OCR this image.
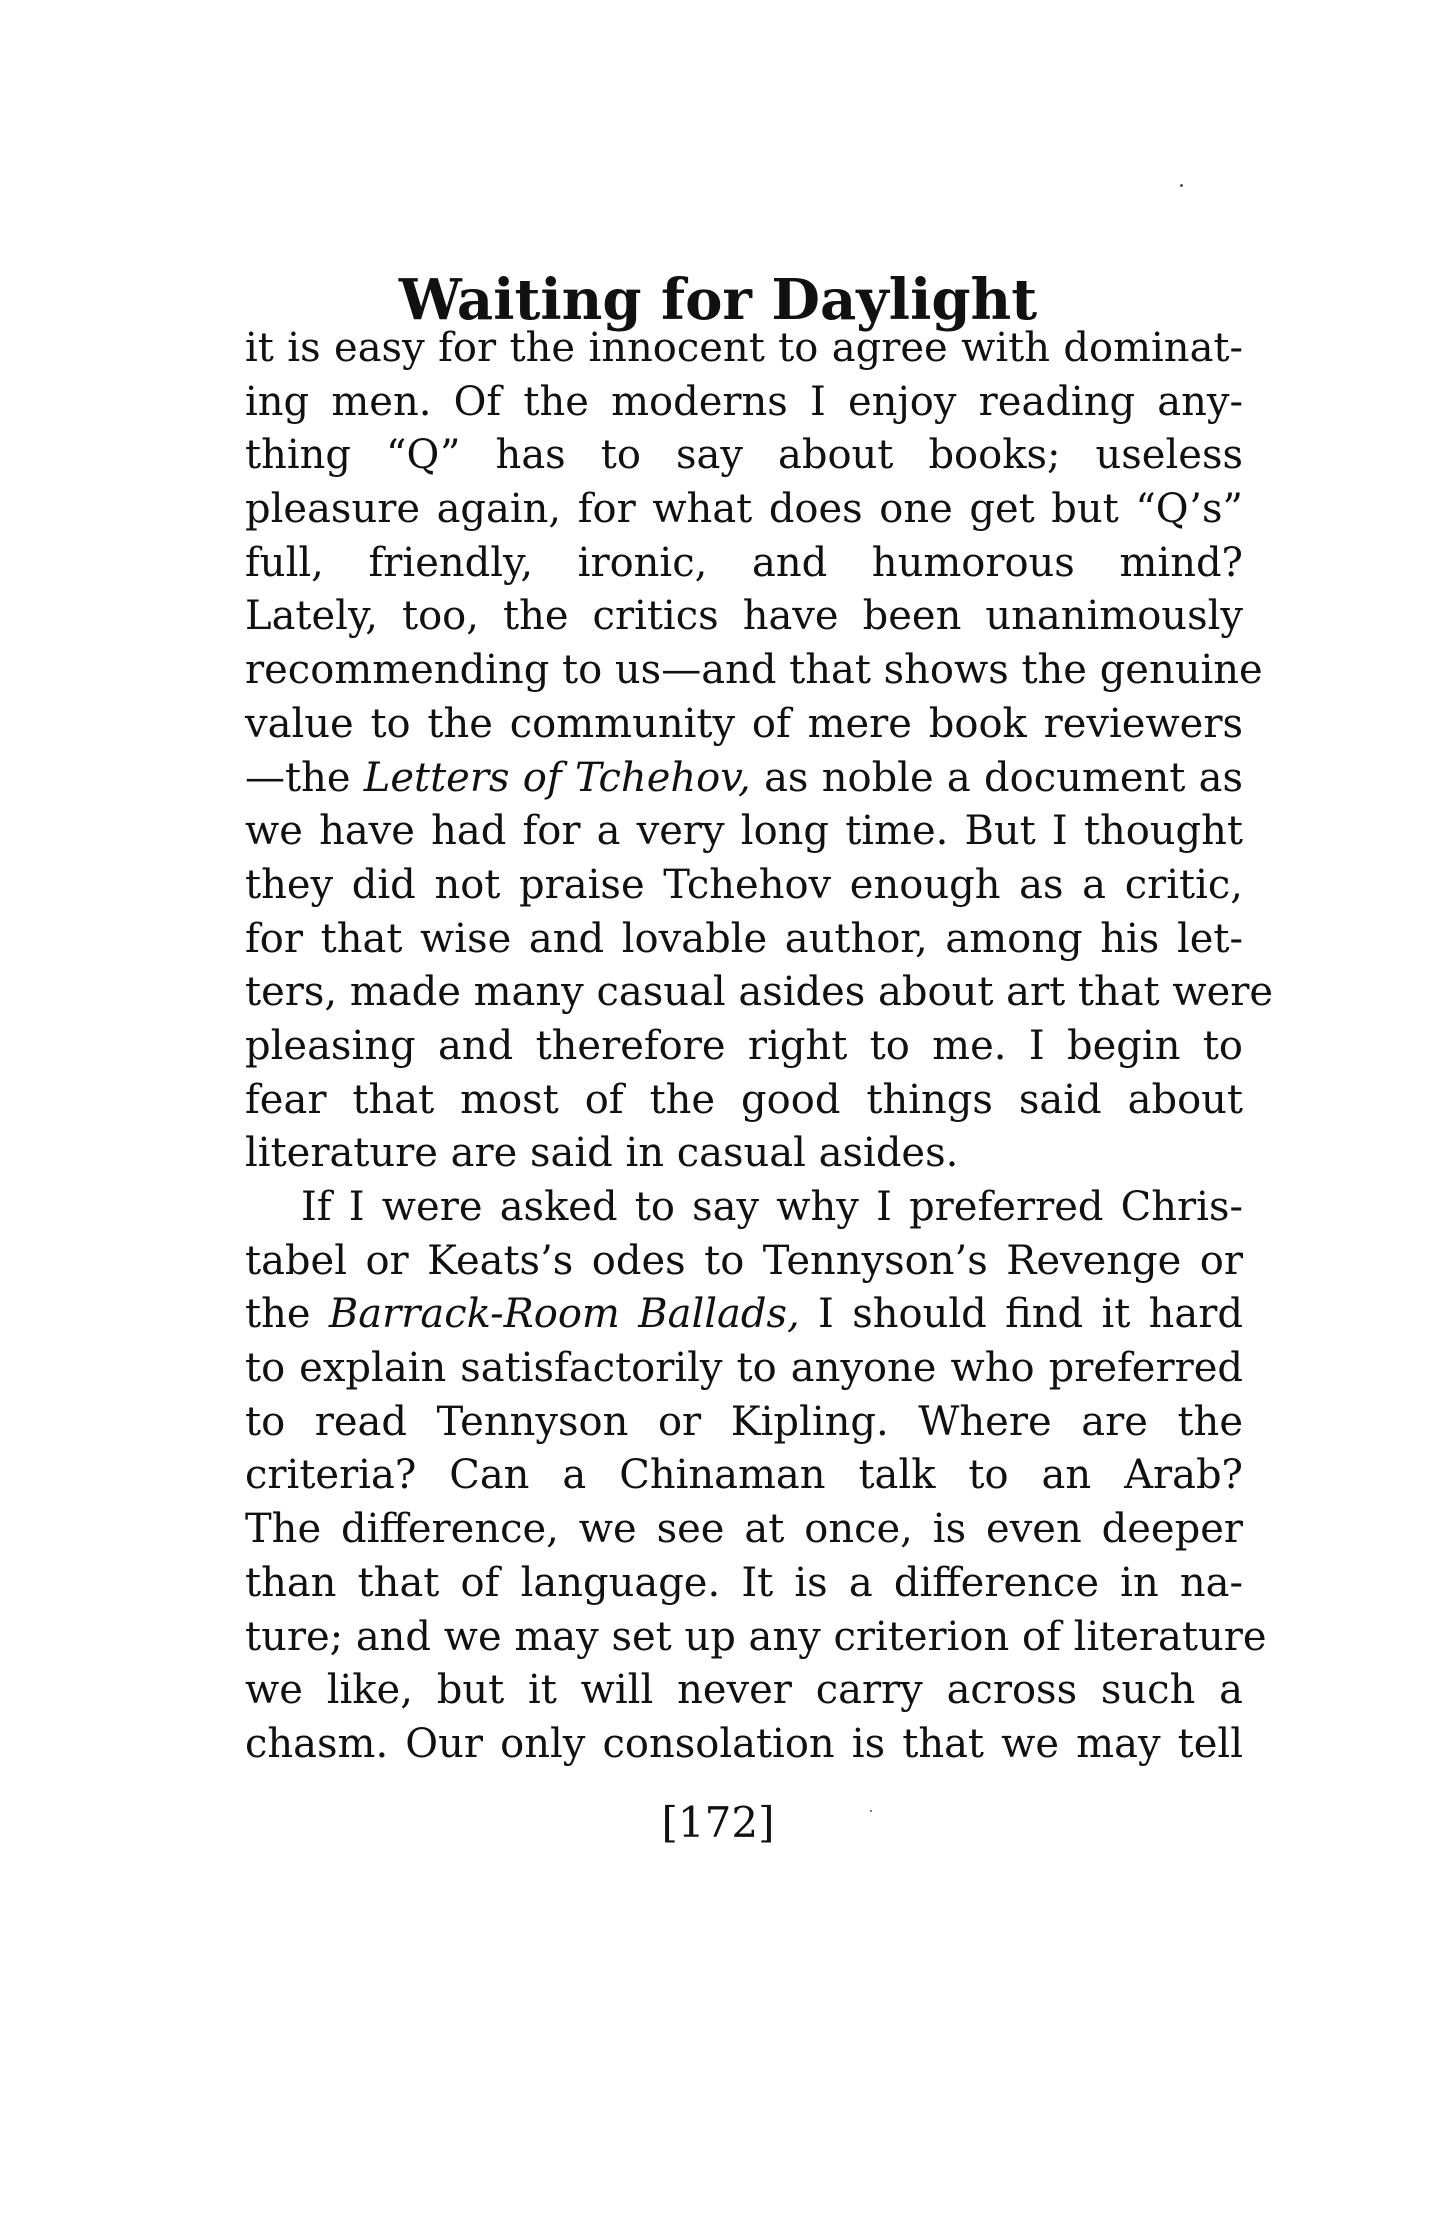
Waiting for Daylight
it is easy for the innocent to agree with dominat-
ing men. Of the moderns I enjoy reading any-
thing “Q” has to say about books; useless
pleasure again, for what does one get but “Q’s”
full, friendly, ironic, and humorous mind?
Lately, too, the critics have been unanimously
recommending to us—and that shows the genuine
value to the community of mere book reviewers
—the Letters of Tchehov, as noble a document as
we have had for a very long time. But I thought
they did not praise Tchehov enough as a critic,
for that wise and lovable author, among his let-
ters, made many casual asides about art that were
pleasing and therefore right to me. I begin to
fear that most of the good things said about
literature are said in casual asides.
If I were asked to say why I preferred Chris-
tabel or Keats’s odes to Tennyson’s Revenge or
the Barrack-Room Ballads, I should find it hard
to explain satisfactorily to anyone who preferred
to read Tennyson or Kipling. Where are the
criteria? Can a Chinaman talk to an Arab?
The difference, we see at once, is even deeper
than that of language. It is a difference in na-
ture; and we may set up any criterion of literature
we like, but it will never carry across such a
chasm. Our only consolation is that we may tell
[172]
